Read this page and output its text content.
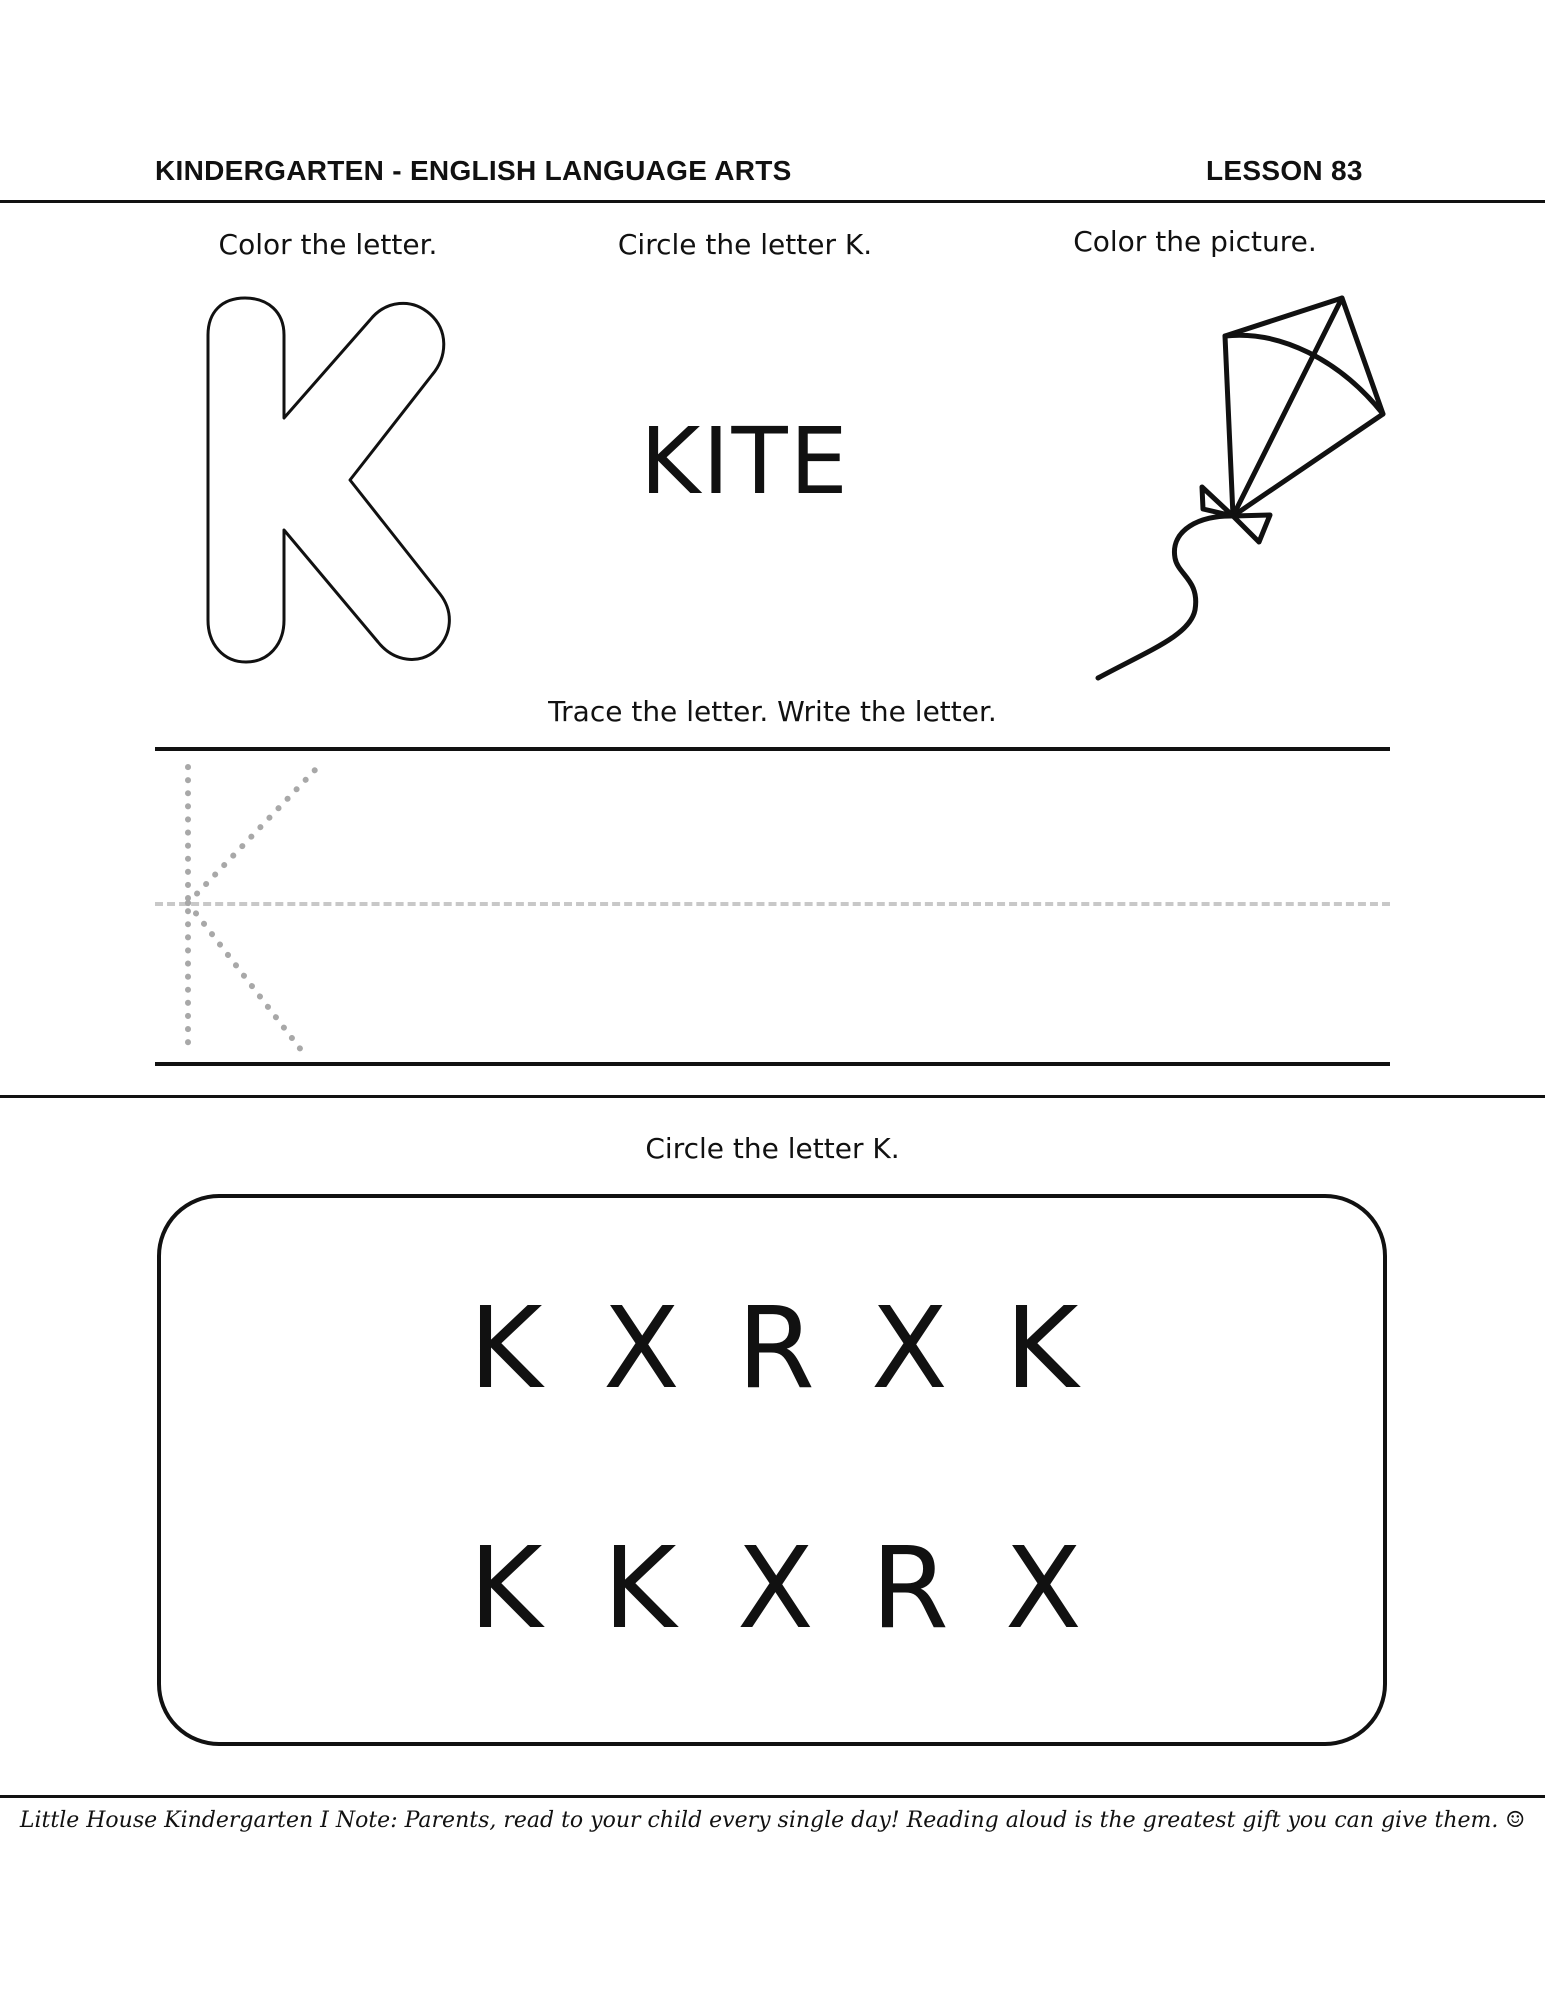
KINDERGARTEN - ENGLISH LANGUAGE ARTS	LESSON 83
Color the letter.	Circle the letter K.	Color the picture.
KITE
Trace the letter. Write the letter.
Circle the letter K.
K X R X K
K K X R X
Little House Kindergarten I Note: Parents, read to your child every single day! Reading aloud is the greatest gift you can give them. ☺
